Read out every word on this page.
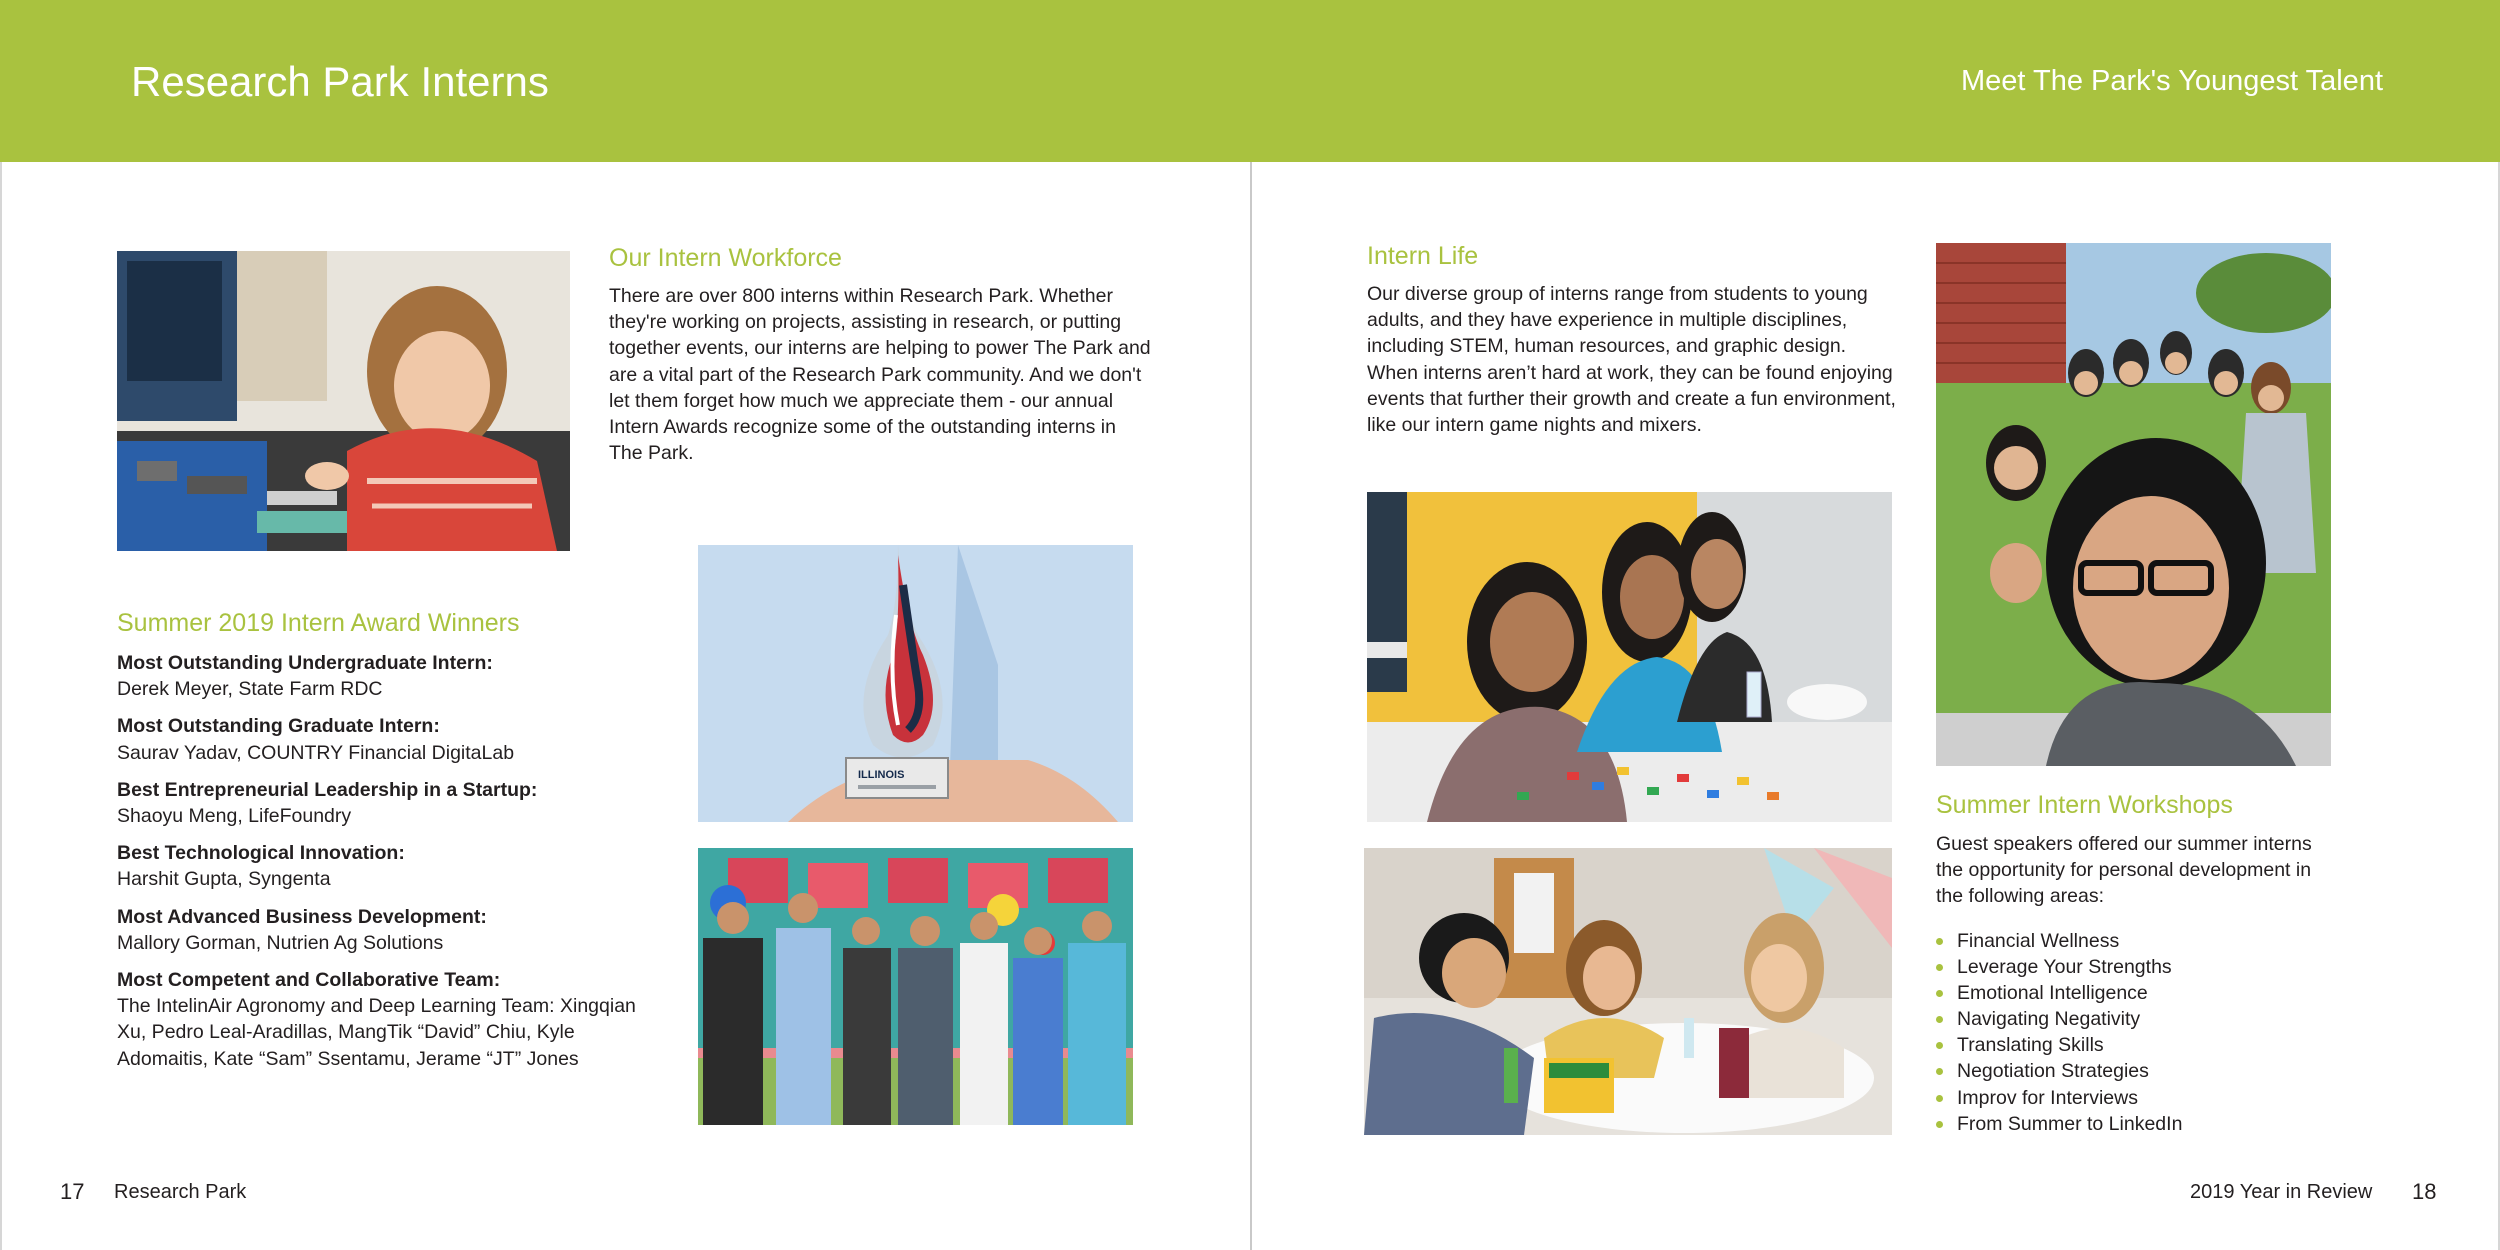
Research Park Interns	Meet The Park's Youngest Talent
Our Intern Workforce
There are over 800 interns within Research Park. Whether they're working on projects, assisting in research, or putting together events, our interns are helping to power The Park and are a vital part of the Research Park community. And we don't let them forget how much we appreciate them - our annual Intern Awards recognize some of the outstanding interns in The Park.
Summer 2019 Intern Award Winners
Most Outstanding Undergraduate Intern:
Derek Meyer, State Farm RDC
Most Outstanding Graduate Intern:
Saurav Yadav, COUNTRY Financial DigitaLab
Best Entrepreneurial Leadership in a Startup:
Shaoyu Meng, LifeFoundry
Best Technological Innovation:
Harshit Gupta, Syngenta
Most Advanced Business Development:
Mallory Gorman, Nutrien Ag Solutions
Most Competent and Collaborative Team:
The IntelinAir Agronomy and Deep Learning Team: Xingqian Xu, Pedro Leal-Aradillas, MangTik “David” Chiu, Kyle Adomaitis, Kate “Sam” Ssentamu, Jerame “JT” Jones
ILLINOIS
17 Research Park
Intern Life
Our diverse group of interns range from students to young adults, and they have experience in multiple disciplines, including STEM, human resources, and graphic design. When interns aren’t hard at work, they can be found enjoying events that further their growth and create a fun environment, like our intern game nights and mixers.
Summer Intern Workshops
Guest speakers offered our summer interns the opportunity for personal development in the following areas:
Financial Wellness
Leverage Your Strengths
Emotional Intelligence
Navigating Negativity
Translating Skills
Negotiation Strategies
Improv for Interviews
From Summer to LinkedIn
2019 Year in Review 18
